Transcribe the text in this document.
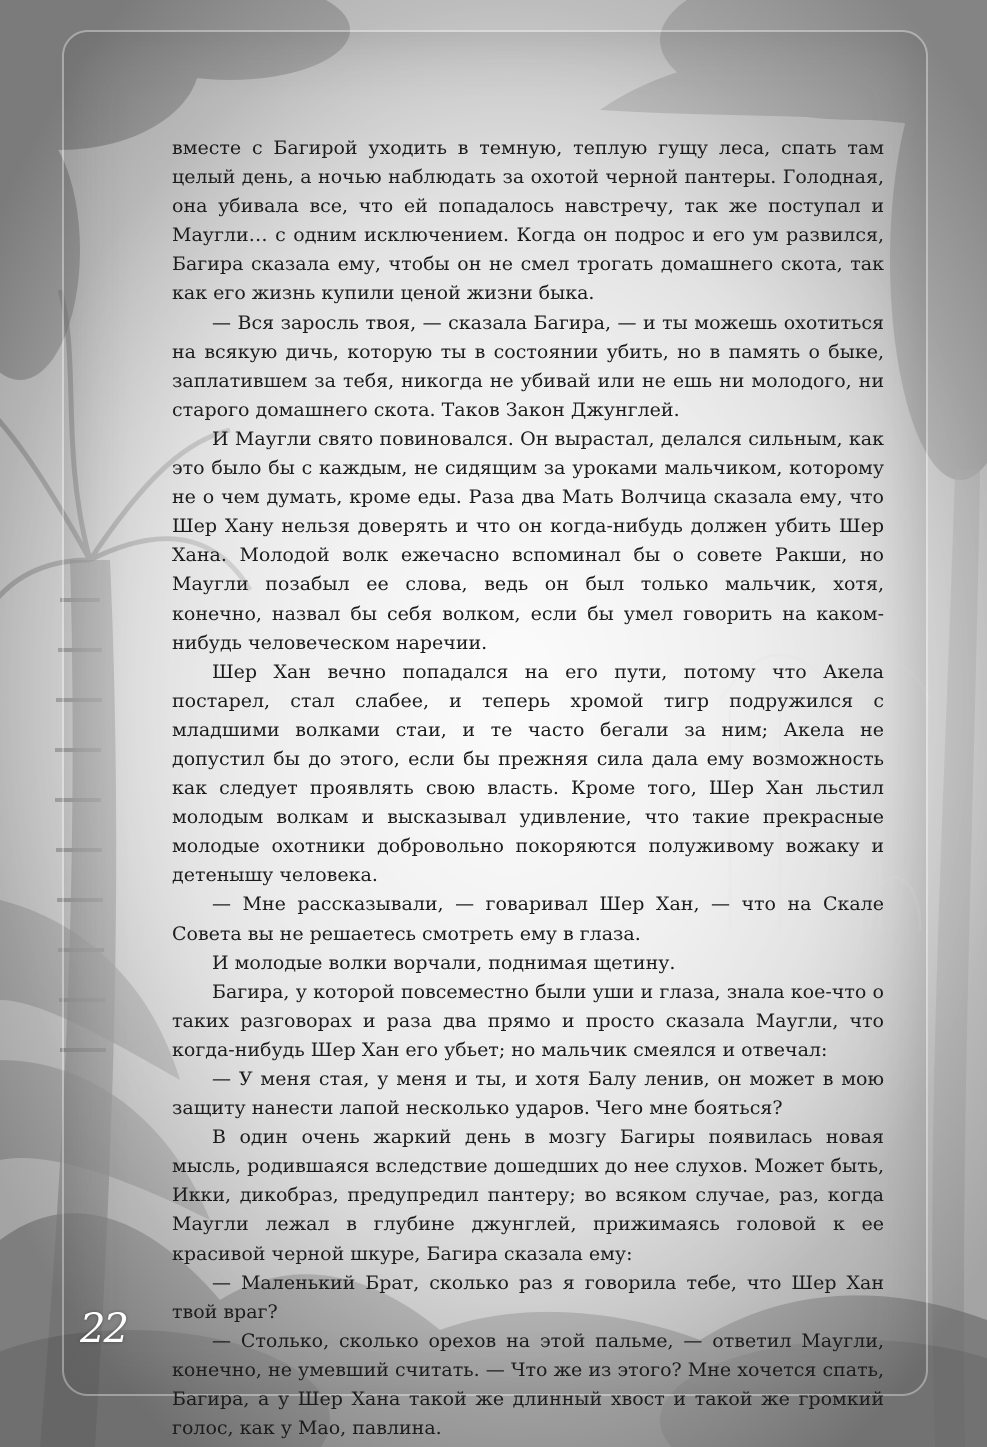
вместе с Багирой уходить в темную, теплую гущу леса, спать там целый день, а ночью наблюдать за охотой черной пантеры. Голодная, она убивала все, что ей попадалось навстречу, так же поступал и Маугли… с одним исключением. Когда он подрос и его ум развился, Багира сказала ему, чтобы он не смел трогать домашнего скота, так как его жизнь купили ценой жизни быка.

— Вся заросль твоя, — сказала Багира, — и ты можешь охотиться на всякую дичь, которую ты в состоянии убить, но в память о быке, заплатившем за тебя, никогда не убивай или не ешь ни молодого, ни старого домашнего скота. Таков Закон Джунглей.

И Маугли свято повиновался. Он вырастал, делался сильным, как это было бы с каждым, не сидящим за уроками мальчиком, которому не о чем думать, кроме еды. Раза два Мать Волчица сказала ему, что Шер Хану нельзя доверять и что он когда-нибудь должен убить Шер Хана. Молодой волк ежечасно вспоминал бы о совете Ракши, но Маугли позабыл ее слова, ведь он был только мальчик, хотя, конечно, назвал бы себя волком, если бы умел говорить на каком-нибудь человеческом наречии.

Шер Хан вечно попадался на его пути, потому что Акела постарел, стал слабее, и теперь хромой тигр подружился с младшими волками стаи, и те часто бегали за ним; Акела не допустил бы до этого, если бы прежняя сила дала ему возможность как следует проявлять свою власть. Кроме того, Шер Хан льстил молодым волкам и высказывал удивление, что такие прекрасные молодые охотники добровольно покоряются полуживому вожаку и детенышу человека.

— Мне рассказывали, — говаривал Шер Хан, — что на Скале Совета вы не решаетесь смотреть ему в глаза.

И молодые волки ворчали, поднимая щетину.

Багира, у которой повсеместно были уши и глаза, знала кое-что о таких разговорах и раза два прямо и просто сказала Маугли, что когда-нибудь Шер Хан его убьет; но мальчик смеялся и отвечал:

— У меня стая, у меня и ты, и хотя Балу ленив, он может в мою защиту нанести лапой несколько ударов. Чего мне бояться?

В один очень жаркий день в мозгу Багиры появилась новая мысль, родившаяся вследствие дошедших до нее слухов. Может быть, Икки, дикобраз, предупредил пантеру; во всяком случае, раз, когда Маугли лежал в глубине джунглей, прижимаясь головой к ее красивой черной шкуре, Багира сказала ему:

— Маленький Брат, сколько раз я говорила тебе, что Шер Хан твой враг?

— Столько, сколько орехов на этой пальме, — ответил Маугли, конечно, не умевший считать. — Что же из этого? Мне хочется спать, Багира, а у Шер Хана такой же длинный хвост и такой же громкий голос, как у Мао, павлина.

22
